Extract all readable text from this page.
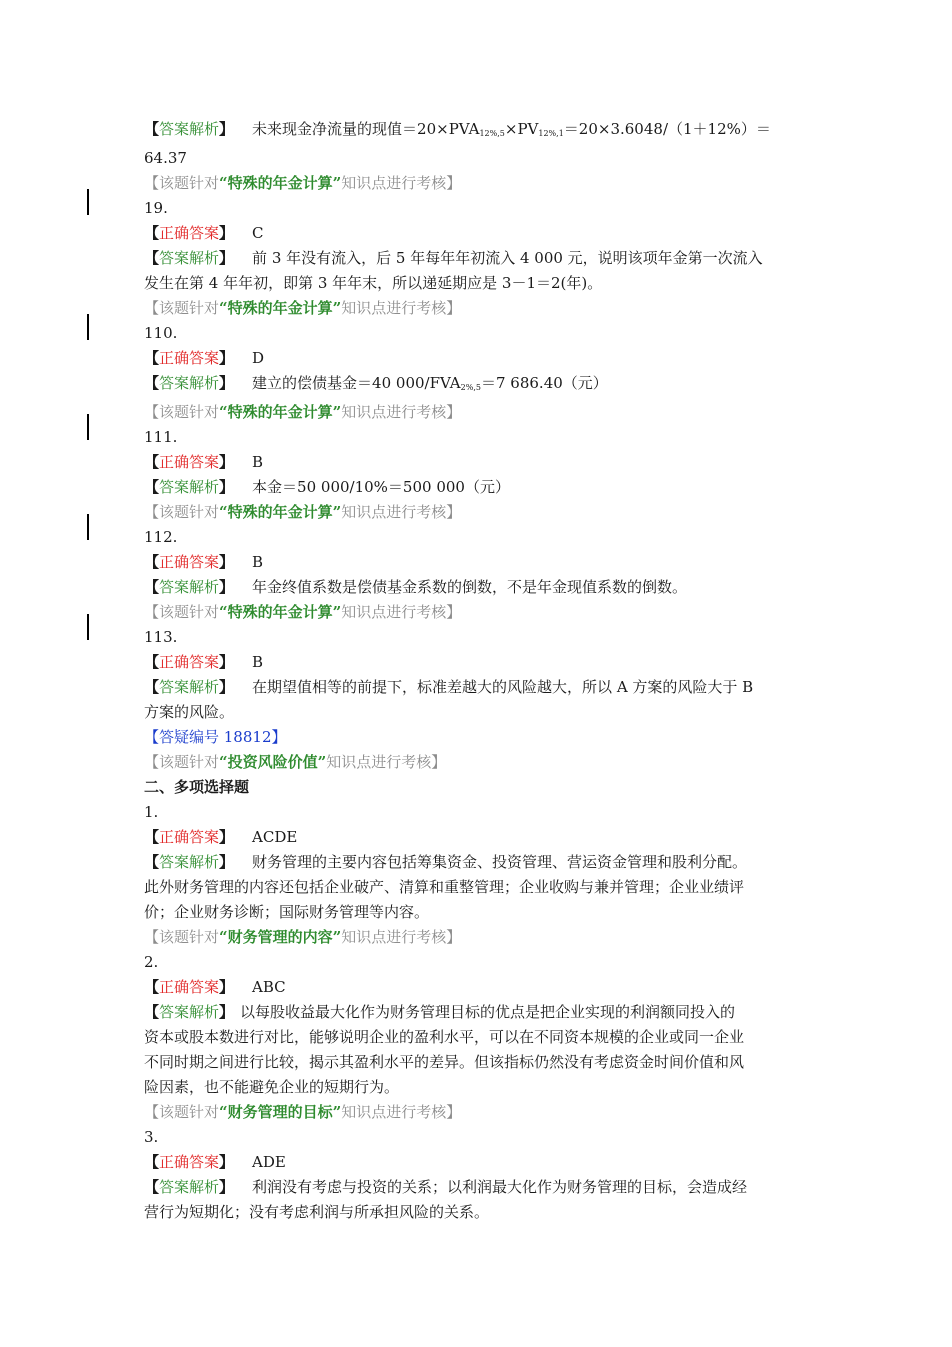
【答案解析】 未来现金净流量的现值$=20\times PVA_{12\%,5}\times PV_{12\%,1}=20\times 3.6048/(1+12\%)=$
64.37
【该题针对“特殊的年金计算”知识点进行考核】
19.
【正确答案】 C
【答案解析】 前 3 年没有流入，后 5 年每年年初流入 4 000 元，说明该项年金第一次流入
发生在第 4 年年初，即第 3 年年末，所以递延期应是 3－1＝2(年)。
【该题针对“特殊的年金计算”知识点进行考核】
110.
【正确答案】 D
【答案解析】 建立的偿债基金＝40 $000/FVA_{2\%,5}=7$ 686.40（元）
【该题针对“特殊的年金计算”知识点进行考核】
111.
【正确答案】 B
【答案解析】 本金＝50 000/10%＝500 000（元）
【该题针对“特殊的年金计算”知识点进行考核】
112.
【正确答案】 B
【答案解析】 年金终值系数是偿债基金系数的倒数，不是年金现值系数的倒数。
【该题针对“特殊的年金计算”知识点进行考核】
113.
【正确答案】 B
【答案解析】 在期望值相等的前提下，标准差越大的风险越大，所以 A 方案的风险大于 B
方案的风险。
【答疑编号 18812】
【该题针对“投资风险价值”知识点进行考核】
二、多项选择题
1.
【正确答案】 ACDE
【答案解析】 财务管理的主要内容包括筹集资金、投资管理、营运资金管理和股利分配。
此外财务管理的内容还包括企业破产、清算和重整管理；企业收购与兼并管理；企业业绩评
价；企业财务诊断；国际财务管理等内容。
【该题针对“财务管理的内容”知识点进行考核】
2.
【正确答案】 ABC
【答案解析】 以每股收益最大化作为财务管理目标的优点是把企业实现的利润额同投入的
资本或股本数进行对比，能够说明企业的盈利水平，可以在不同资本规模的企业或同一企业
不同时期之间进行比较，揭示其盈利水平的差异。但该指标仍然没有考虑资金时间价值和风
险因素，也不能避免企业的短期行为。
【该题针对“财务管理的目标”知识点进行考核】
3.
【正确答案】 ADE
【答案解析】 利润没有考虑与投资的关系；以利润最大化作为财务管理的目标，会造成经
营行为短期化；没有考虑利润与所承担风险的关系。
